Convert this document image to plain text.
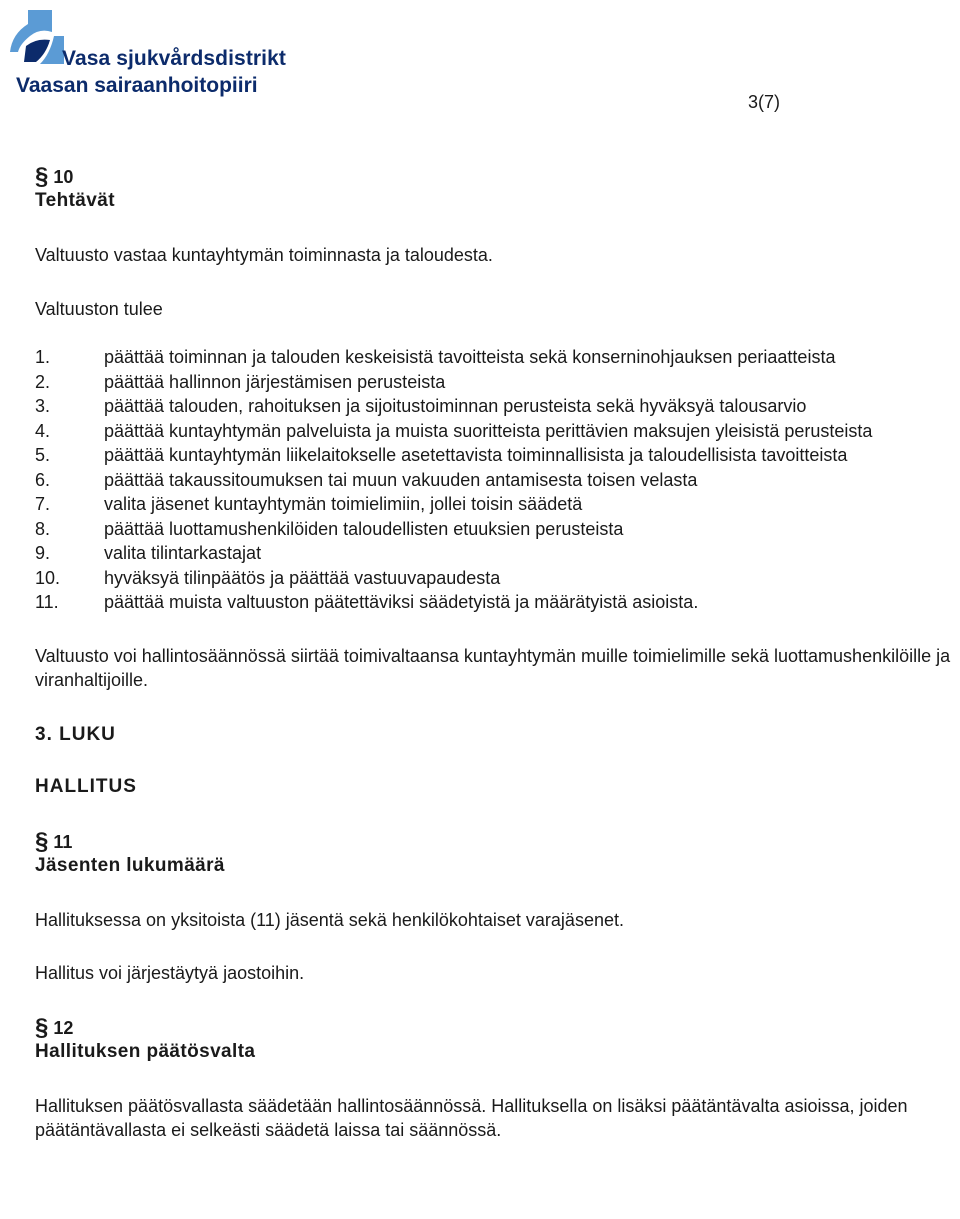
Vasa sjukvårdsdistrikt
Vaasan sairaanhoitopiiri
3(7)
§ 10
Tehtävät

Valtuusto vastaa kuntayhtymän toiminnasta ja taloudesta.

Valtuuston tulee

1.	päättää toiminnan ja talouden keskeisistä tavoitteista sekä konserninohjauksen periaatteista
2.	päättää hallinnon järjestämisen perusteista
3.	päättää talouden, rahoituksen ja sijoitustoiminnan perusteista sekä hyväksyä talousarvio
4.	päättää kuntayhtymän palveluista ja muista suoritteista perittävien maksujen yleisistä perusteista
5.	päättää kuntayhtymän liikelaitokselle asetettavista toiminnallisista ja taloudellisista tavoitteista
6.	päättää takaussitoumuksen tai muun vakuuden antamisesta toisen velasta
7.	valita jäsenet kuntayhtymän toimielimiin, jollei toisin säädetä
8.	päättää luottamushenkilöiden taloudellisten etuuksien perusteista
9.	valita tilintarkastajat
10. hyväksyä tilinpäätös ja päättää vastuuvapaudesta
11.	päättää muista valtuuston päätettäviksi säädetyistä ja määrätyistä asioista.

Valtuusto voi hallintosäännössä siirtää toimivaltaansa kuntayhtymän muille toimielimille sekä luottamushenkilöille ja viranhaltijoille.

3. LUKU
HALLITUS
§ 11
Jäsenten lukumäärä

Hallituksessa on yksitoista (11) jäsentä sekä henkilökohtaiset varajäsenet.

Hallitus voi järjestäytyä jaostoihin.

§ 12
Hallituksen päätösvalta

Hallituksen päätösvallasta säädetään hallintosäännössä. Hallituksella on lisäksi päätäntävalta asioissa, joiden päätäntävallasta ei selkeästi säädetä laissa tai säännössä.
